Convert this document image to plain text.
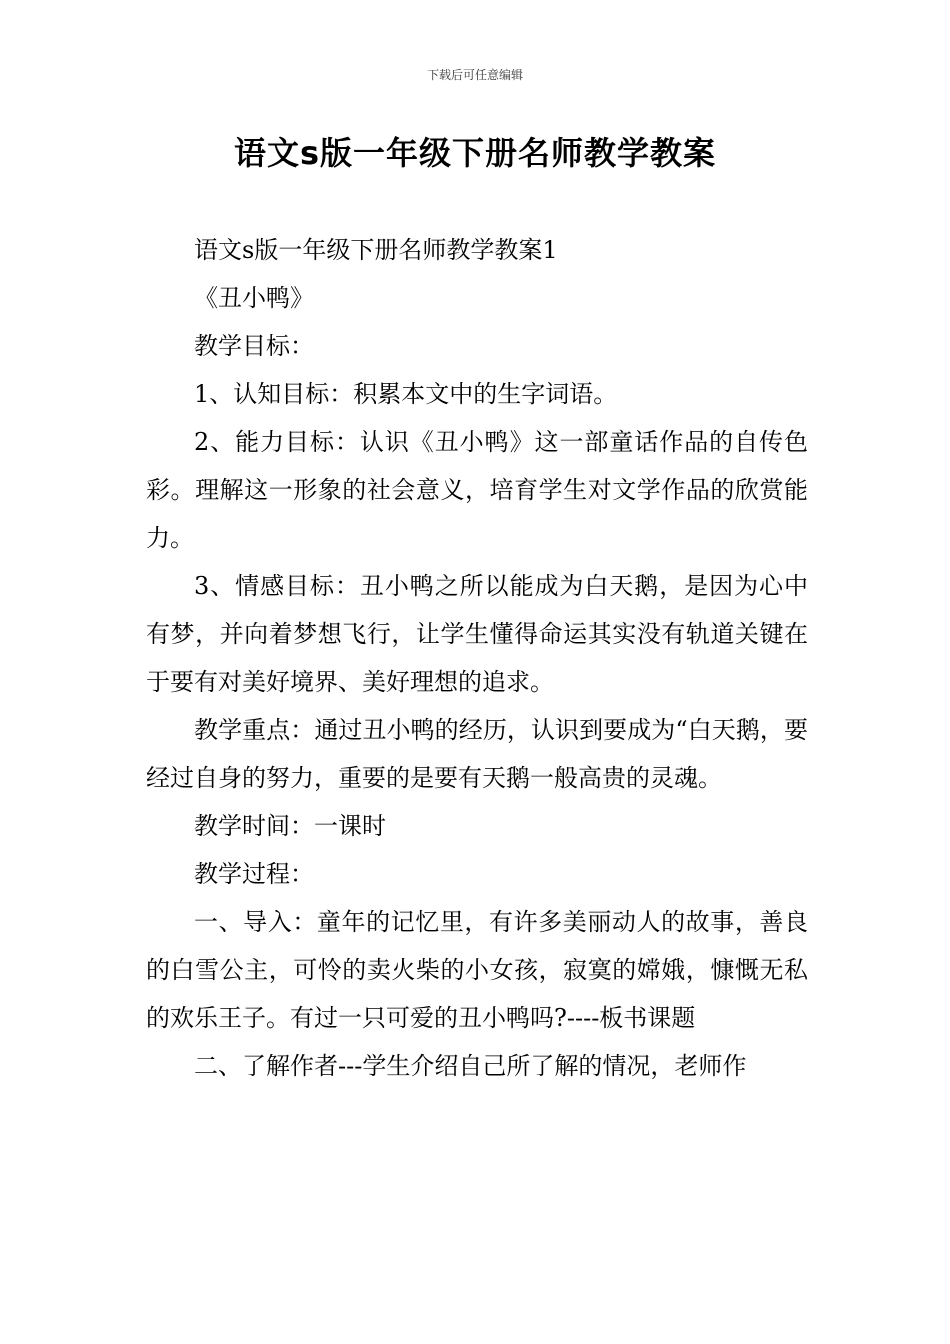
下载后可任意编辑
语文s版一年级下册名师教学教案

语文s版一年级下册名师教学教案1

《丑小鸭》

教学目标：

1、认知目标：积累本文中的生字词语。

2、能力目标：认识《丑小鸭》这一部童话作品的自传色彩。理解这一形象的社会意义，培育学生对文学作品的欣赏能力。

3、情感目标：丑小鸭之所以能成为白天鹅，是因为心中有梦，并向着梦想飞行，让学生懂得命运其实没有轨道关键在于要有对美好境界、美好理想的追求。

教学重点：通过丑小鸭的经历，认识到要成为“白天鹅，要经过自身的努力，重要的是要有天鹅一般高贵的灵魂。

教学时间：一课时

教学过程：

一、导入：童年的记忆里，有许多美丽动人的故事，善良的白雪公主，可怜的卖火柴的小女孩，寂寞的嫦娥，慷慨无私的欢乐王子。有过一只可爱的丑小鸭吗?----板书课题

二、了解作者---学生介绍自己所了解的情况，老师作
